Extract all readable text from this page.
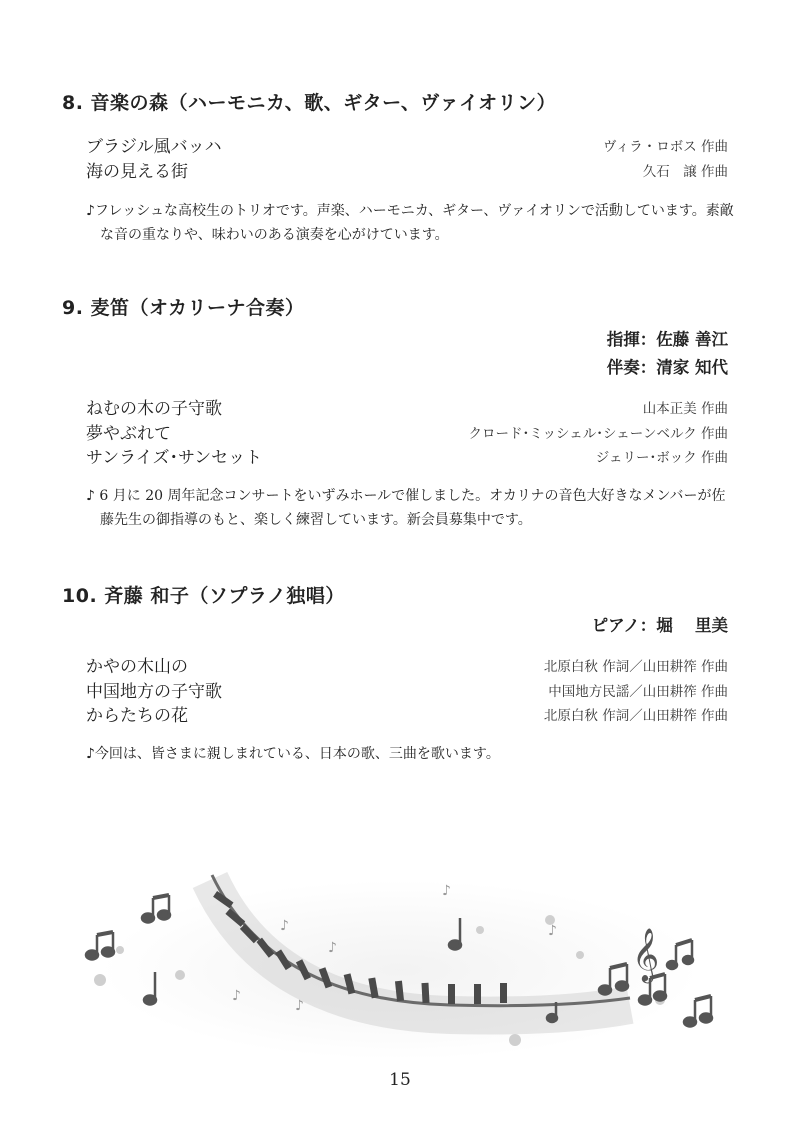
8. 音楽の森（ハーモニカ、歌、ギター、ヴァイオリン）
ブラジル風バッハ	ヴィラ・ロボス 作曲
海の見える街	久石　譲 作曲
♪フレッシュな高校生のトリオです。声楽、ハーモニカ、ギター、ヴァイオリンで活動しています。素敵な音の重なりや、味わいのある演奏を心がけています。
9. 麦笛（オカリーナ合奏）
指揮：佐藤 善江
伴奏：清家 知代
ねむの木の子守歌	山本正美 作曲
夢やぶれて	クロード･ミッシェル･シェーンベルク 作曲
サンライズ･サンセット	ジェリー･ボック 作曲
♪ 6 月に 20 周年記念コンサートをいずみホールで催しました。オカリナの音色大好きなメンバーが佐藤先生の御指導のもと、楽しく練習しています。新会員募集中です。
10. 斉藤 和子（ソプラノ独唱）
ピアノ：堀　 里美
かやの木山の	北原白秋 作詞／山田耕筰 作曲
中国地方の子守歌	中国地方民謡／山田耕筰 作曲
からたちの花	北原白秋 作詞／山田耕筰 作曲
♪今回は、皆さまに親しまれている、日本の歌、三曲を歌います。
𝄞
♪
♪
♪
♪
♪
♪
15
